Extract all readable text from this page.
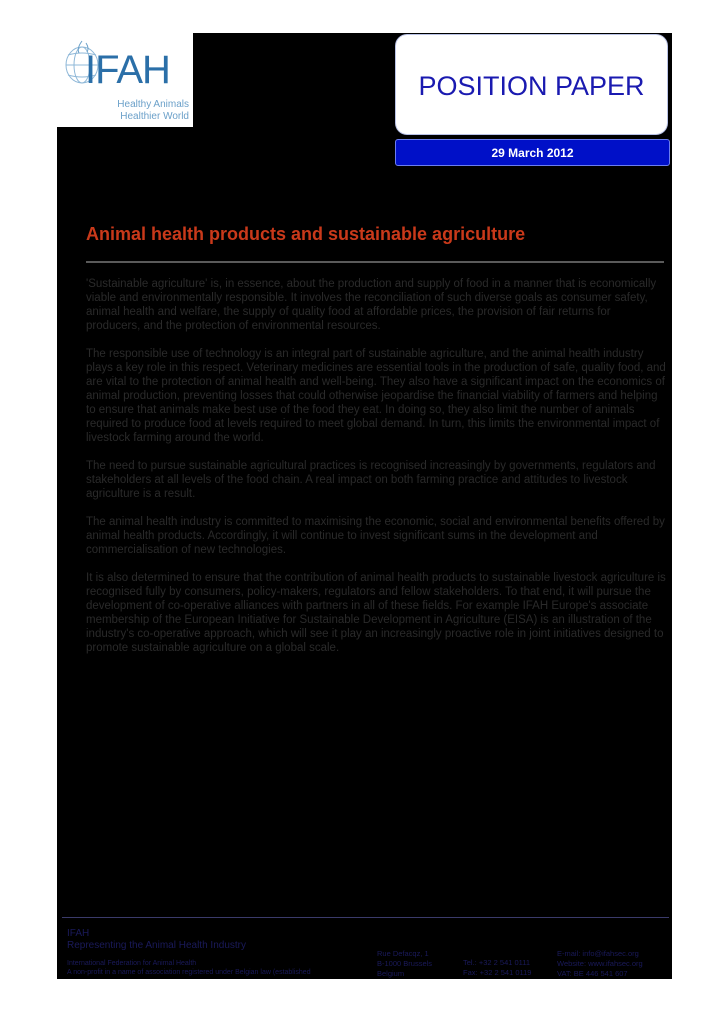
IFAH
Healthy Animals
Healthier World
POSITION PAPER
29 March 2012
Animal health products and sustainable agriculture

'Sustainable agriculture' is, in essence, about the production and supply of food in a manner that is economically viable and environmentally responsible. It involves the reconciliation of such diverse goals as consumer safety, animal health and welfare, the supply of quality food at affordable prices, the provision of fair returns for producers, and the protection of environmental resources.

The responsible use of technology is an integral part of sustainable agriculture, and the animal health industry plays a key role in this respect. Veterinary medicines are essential tools in the production of safe, quality food, and are vital to the protection of animal health and well-being. They also have a significant impact on the economics of animal production, preventing losses that could otherwise jeopardise the financial viability of farmers and helping to ensure that animals make best use of the food they eat. In doing so, they also limit the number of animals required to produce food at levels required to meet global demand. In turn, this limits the environmental impact of livestock farming around the world.

The need to pursue sustainable agricultural practices is recognised increasingly by governments, regulators and stakeholders at all levels of the food chain. A real impact on both farming practice and attitudes to livestock agriculture is a result.

The animal health industry is committed to maximising the economic, social and environmental benefits offered by animal health products. Accordingly, it will continue to invest significant sums in the development and commercialisation of new technologies.

It is also determined to ensure that the contribution of animal health products to sustainable livestock agriculture is recognised fully by consumers, policy-makers, regulators and fellow stakeholders. To that end, it will pursue the development of co-operative alliances with partners in all of these fields. For example IFAH Europe's associate membership of the European Initiative for Sustainable Development in Agriculture (EISA) is an illustration of the industry's co-operative approach, which will see it play an increasingly proactive role in joint initiatives designed to promote sustainable agriculture on a global scale.

IFAH
Representing the Animal Health Industry
International Federation for Animal Health
A non-profit in a name of association registered under Belgian law (established
Rue Defacqz, 1
B-1000 Brussels
Belgium
Tel.: +32 2 541 0111
Fax: +32 2 541 0119
E-mail: info@ifahsec.org
Website: www.ifahsec.org
VAT: BE 446 541 607
